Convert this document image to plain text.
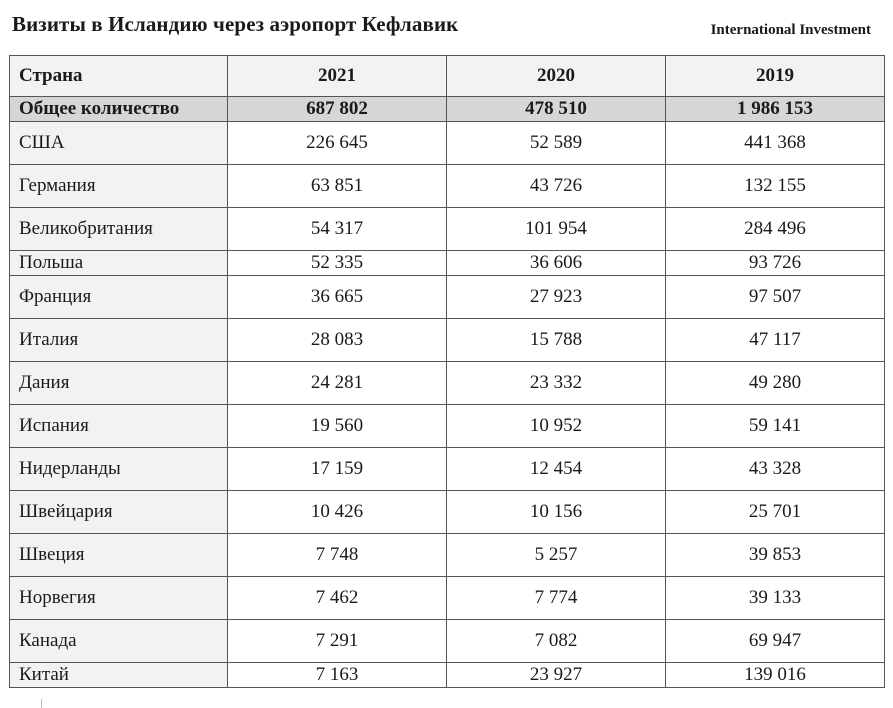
Визиты в Исландию через аэропорт Кефлавик	International Investment
Страна	2021	2020	2019
Общее количество	687 802	478 510	1 986 153
США	226 645	52 589	441 368
Германия	63 851	43 726	132 155
Великобритания	54 317	101 954	284 496
Польша	52 335	36 606	93 726
Франция	36 665	27 923	97 507
Италия	28 083	15 788	47 117
Дания	24 281	23 332	49 280
Испания	19 560	10 952	59 141
Нидерланды	17 159	12 454	43 328
Швейцария	10 426	10 156	25 701
Швеция	7 748	5 257	39 853
Норвегия	7 462	7 774	39 133
Канада	7 291	7 082	69 947
Китай	7 163	23 927	139 016
